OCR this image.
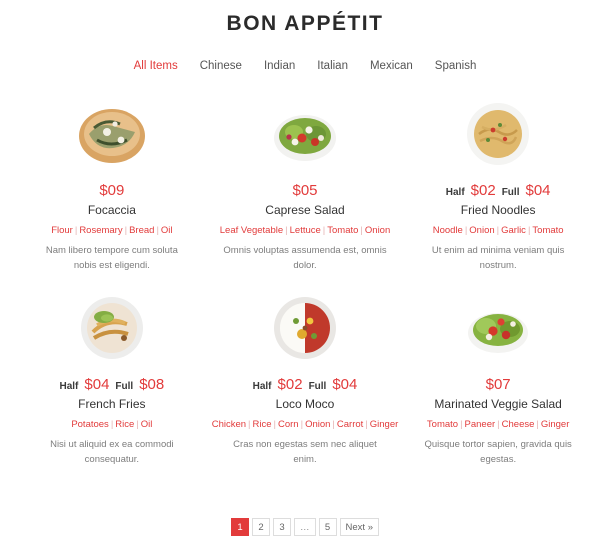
BON APPÉTIT
All Items Chinese Indian Italian Mexican Spanish
$09
Focaccia
Flour | Rosemary | Bread | Oil
Nam libero tempore cum soluta nobis est eligendi.
$05
Caprese Salad
Leaf Vegetable | Lettuce | Tomato | Onion
Omnis voluptas assumenda est, omnis dolor.
Half $02 Full $04
Fried Noodles
Noodle | Onion | Garlic | Tomato
Ut enim ad minima veniam quis nostrum.
Half $04 Full $08
French Fries
Potatoes | Rice | Oil
Nisi ut aliquid ex ea commodi consequatur.
Half $02 Full $04
Loco Moco
Chicken | Rice | Corn | Onion | Carrot | Ginger
Cras non egestas sem nec aliquet enim.
$07
Marinated Veggie Salad
Tomato | Paneer | Cheese | Ginger
Quisque tortor sapien, gravida quis egestas.
1	2	3	…	5	Next »
